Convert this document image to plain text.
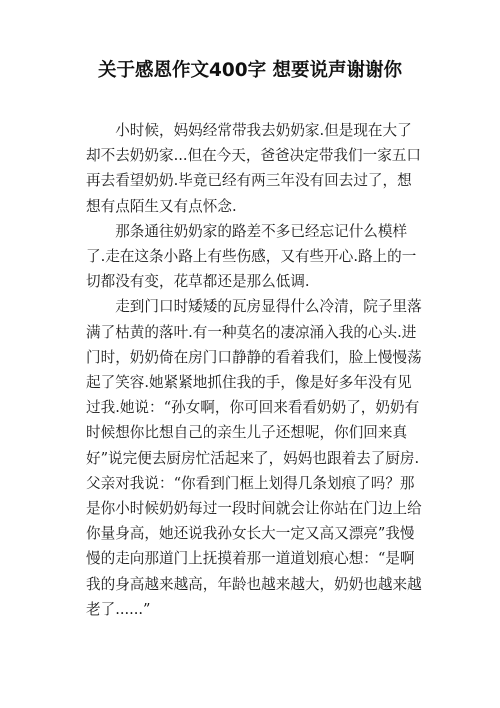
关于感恩作文400字 想要说声谢谢你

小时候，妈妈经常带我去奶奶家.但是现在大了却不去奶奶家...但在今天，爸爸决定带我们一家五口再去看望奶奶.毕竟已经有两三年没有回去过了，想想有点陌生又有点怀念.

那条通往奶奶家的路差不多已经忘记什么模样了.走在这条小路上有些伤感，又有些开心.路上的一切都没有变，花草都还是那么低调.

走到门口时矮矮的瓦房显得什么冷清，院子里落满了枯黄的落叶.有一种莫名的凄凉涌入我的心头.进门时，奶奶倚在房门口静静的看着我们，脸上慢慢荡起了笑容.她紧紧地抓住我的手，像是好多年没有见过我.她说：“孙女啊，你可回来看看奶奶了，奶奶有时候想你比想自己的亲生儿子还想呢，你们回来真好”说完便去厨房忙活起来了，妈妈也跟着去了厨房.父亲对我说：“你看到门框上划得几条划痕了吗？那是你小时候奶奶每过一段时间就会让你站在门边上给你量身高，她还说我孙女长大一定又高又漂亮”我慢慢的走向那道门上抚摸着那一道道划痕心想：“是啊我的身高越来越高，年龄也越来越大，奶奶也越来越老了......”
